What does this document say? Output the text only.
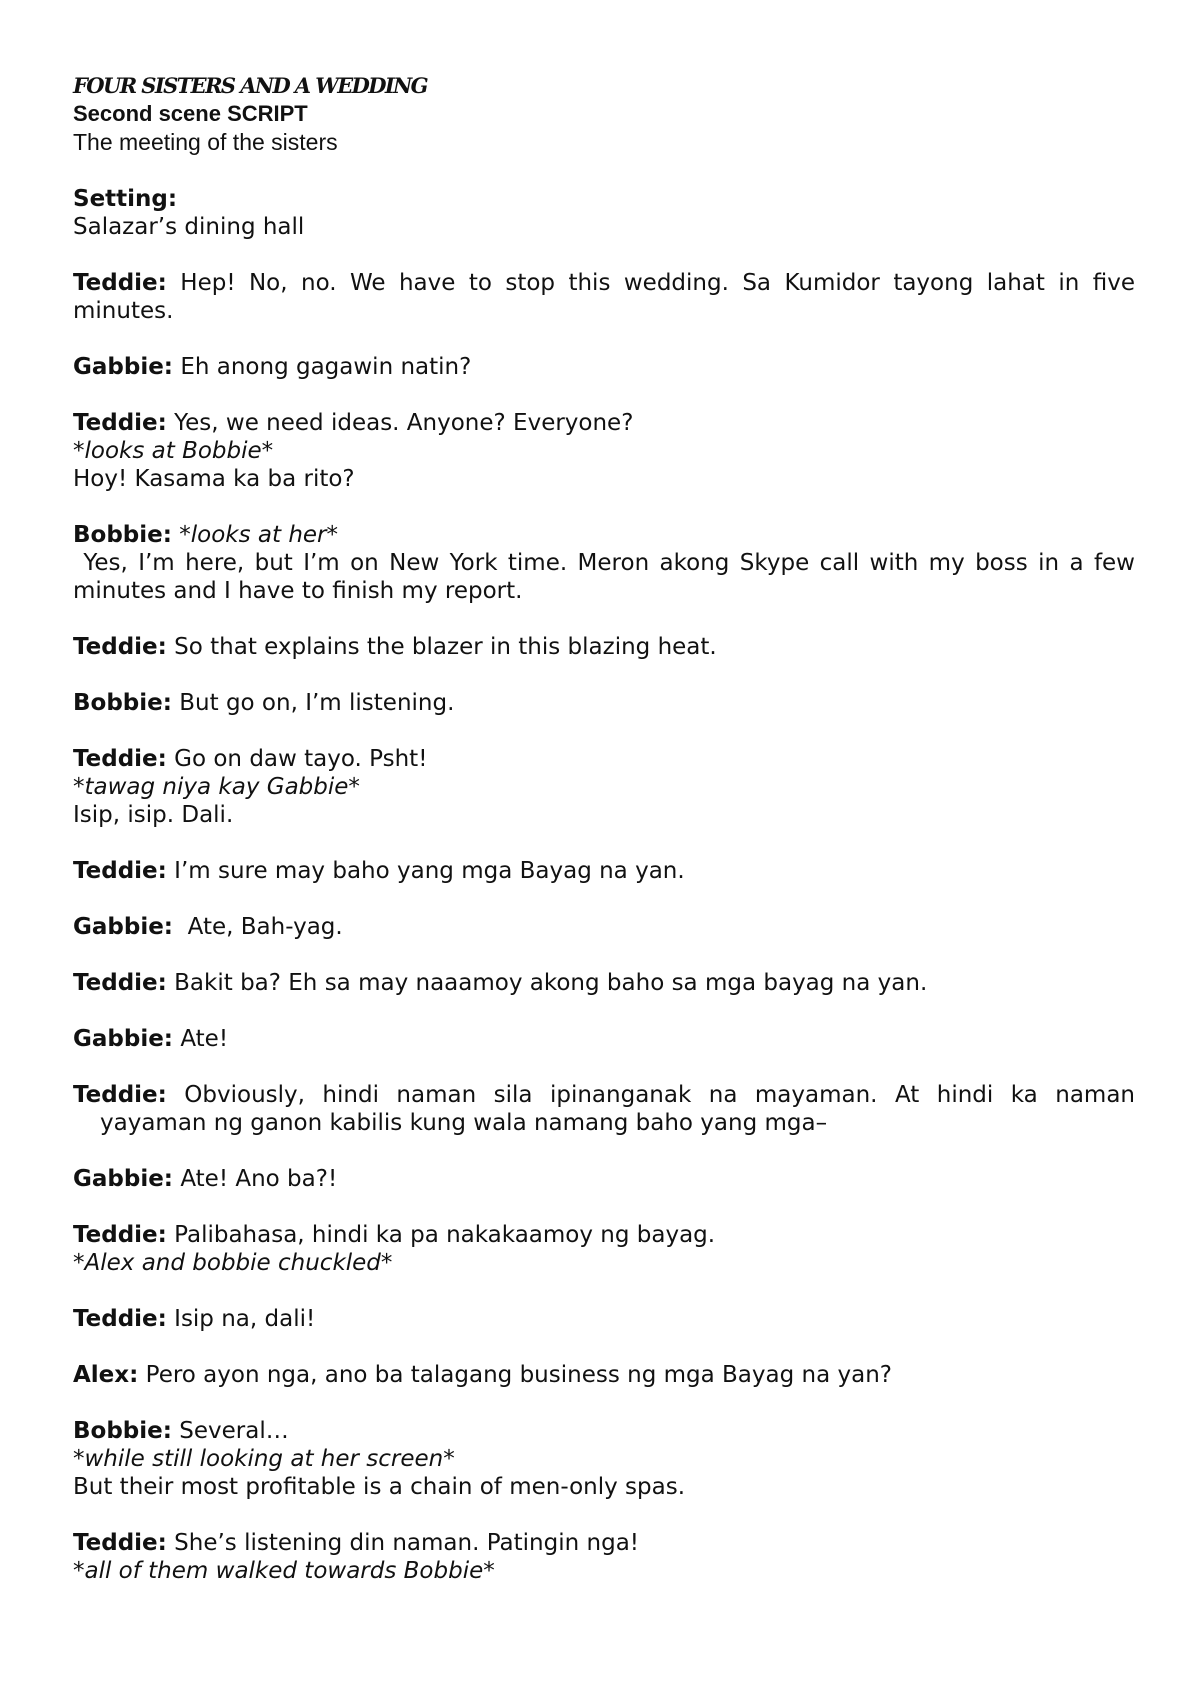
FOUR SISTERS AND A WEDDING
Second scene SCRIPT
The meeting of the sisters
Setting:
Salazar’s dining hall
Teddie: Hep! No, no. We have to stop this wedding. Sa Kumidor tayong lahat in five minutes.
Gabbie: Eh anong gagawin natin?
Teddie: Yes, we need ideas. Anyone? Everyone?
*looks at Bobbie*
Hoy! Kasama ka ba rito?
Bobbie: *looks at her*
Yes, I’m here, but I’m on New York time. Meron akong Skype call with my boss in a few minutes and I have to finish my report.
Teddie: So that explains the blazer in this blazing heat.
Bobbie: But go on, I’m listening.
Teddie: Go on daw tayo. Psht!
*tawag niya kay Gabbie*
Isip, isip. Dali.
Teddie: I’m sure may baho yang mga Bayag na yan.
Gabbie:  Ate, Bah-yag.
Teddie: Bakit ba? Eh sa may naaamoy akong baho sa mga bayag na yan.
Gabbie: Ate!
Teddie: Obviously, hindi naman sila ipinanganak na mayaman. At hindi ka naman yayaman ng ganon kabilis kung wala namang baho yang mga–
Gabbie: Ate! Ano ba?!
Teddie: Palibahasa, hindi ka pa nakakaamoy ng bayag.
*Alex and bobbie chuckled*
Teddie: Isip na, dali!
Alex: Pero ayon nga, ano ba talagang business ng mga Bayag na yan?
Bobbie: Several…
*while still looking at her screen*
But their most profitable is a chain of men-only spas.
Teddie: She’s listening din naman. Patingin nga!
*all of them walked towards Bobbie*
